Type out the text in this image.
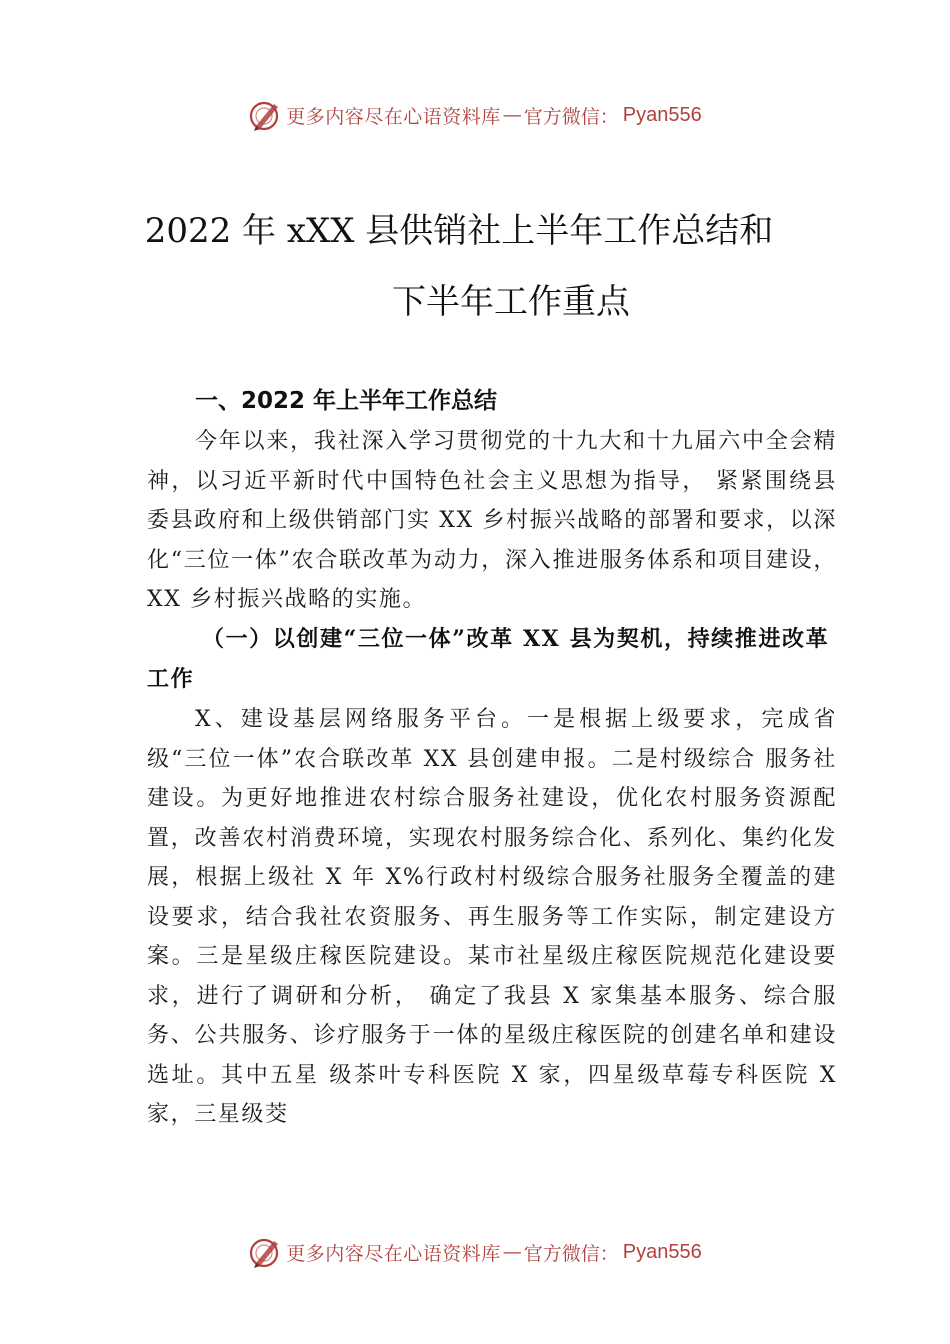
更多内容尽在心语资料库 — 官方微信： Pyan556
2022 年 xXX 县供销社上半年工作总结和
下半年工作重点
一、2022 年上半年工作总结
今年以来，我社深入学习贯彻党的十九大和十九届六中全会精神，以习近平新时代中国特色社会主义思想为指导， 紧紧围绕县委县政府和上级供销部门实 XX 乡村振兴战略的部署和要求，以深化“三位一体”农合联改革为动力，深入推进服务体系和项目建设，XX 乡村振兴战略的实施。
（一）以创建“三位一体”改革 XX 县为契机，持续推进改革工作
X、建设基层网络服务平台。一是根据上级要求，完成省级“三位一体”农合联改革 XX 县创建申报。二是村级综合 服务社建设。为更好地推进农村综合服务社建设，优化农村服务资源配置，改善农村消费环境，实现农村服务综合化、系列化、集约化发展，根据上级社 X 年 X%行政村村级综合服务社服务全覆盖的建设要求，结合我社农资服务、再生服务等工作实际，制定建设方案。三是星级庄稼医院建设。某市社星级庄稼医院规范化建设要求，进行了调研和分析， 确定了我县 X 家集基本服务、综合服务、公共服务、诊疗服务于一体的星级庄稼医院的创建名单和建设选址。其中五星 级茶叶专科医院 X 家，四星级草莓专科医院 X 家，三星级茭
更多内容尽在心语资料库 — 官方微信： Pyan556
